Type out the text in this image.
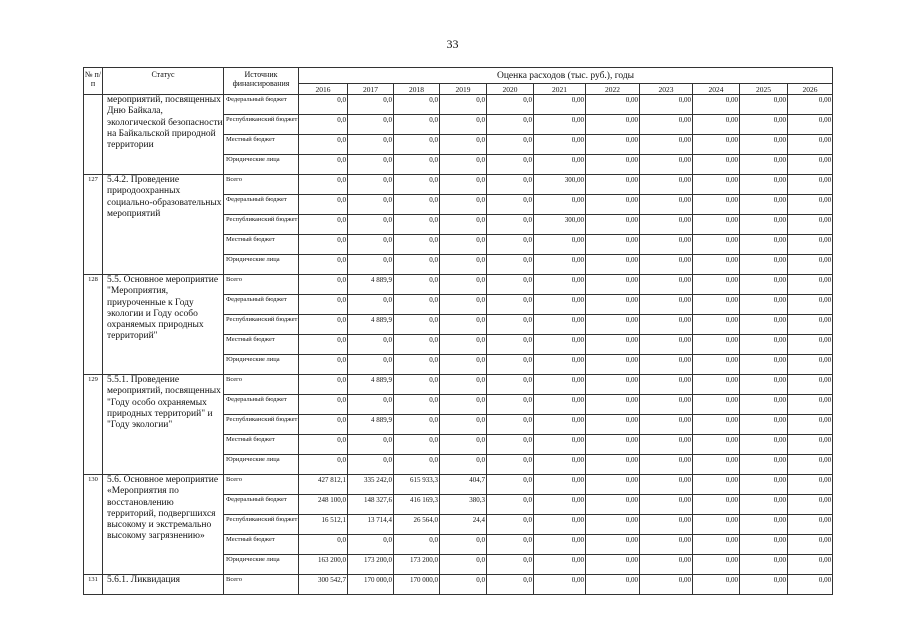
33
№ п/п	Статус	Источник финансирования	Оценка расходов (тыс. руб.), годы										
			2016	2017	2018	2019	2020	2021	2022	2023	2024	2025	2026
	мероприятий, посвященных Дню Байкала, экологической безопасности на Байкальской природной территории	Федеральный бюджет	0,0	0,0	0,0	0,0	0,0	0,00	0,00	0,00	0,00	0,00	0,00
		Республиканский бюджет	0,0	0,0	0,0	0,0	0,0	0,00	0,00	0,00	0,00	0,00	0,00
		Местный бюджет	0,0	0,0	0,0	0,0	0,0	0,00	0,00	0,00	0,00	0,00	0,00
		Юридические лица	0,0	0,0	0,0	0,0	0,0	0,00	0,00	0,00	0,00	0,00	0,00
127	5.4.2. Проведение природоохранных социально-образовательных мероприятий	Всего	0,0	0,0	0,0	0,0	0,0	300,00	0,00	0,00	0,00	0,00	0,00
		Федеральный бюджет	0,0	0,0	0,0	0,0	0,0	0,00	0,00	0,00	0,00	0,00	0,00
		Республиканский бюджет	0,0	0,0	0,0	0,0	0,0	300,00	0,00	0,00	0,00	0,00	0,00
		Местный бюджет	0,0	0,0	0,0	0,0	0,0	0,00	0,00	0,00	0,00	0,00	0,00
		Юридические лица	0,0	0,0	0,0	0,0	0,0	0,00	0,00	0,00	0,00	0,00	0,00
128	5.5. Основное мероприятие "Мероприятия, приуроченные к Году экологии и Году особо охраняемых природных территорий"	Всего	0,0	4 889,9	0,0	0,0	0,0	0,00	0,00	0,00	0,00	0,00	0,00
		Федеральный бюджет	0,0	0,0	0,0	0,0	0,0	0,00	0,00	0,00	0,00	0,00	0,00
		Республиканский бюджет	0,0	4 889,9	0,0	0,0	0,0	0,00	0,00	0,00	0,00	0,00	0,00
		Местный бюджет	0,0	0,0	0,0	0,0	0,0	0,00	0,00	0,00	0,00	0,00	0,00
		Юридические лица	0,0	0,0	0,0	0,0	0,0	0,00	0,00	0,00	0,00	0,00	0,00
129	5.5.1. Проведение мероприятий, посвященных "Году особо охраняемых природных территорий" и "Году экологии"	Всего	0,0	4 889,9	0,0	0,0	0,0	0,00	0,00	0,00	0,00	0,00	0,00
		Федеральный бюджет	0,0	0,0	0,0	0,0	0,0	0,00	0,00	0,00	0,00	0,00	0,00
		Республиканский бюджет	0,0	4 889,9	0,0	0,0	0,0	0,00	0,00	0,00	0,00	0,00	0,00
		Местный бюджет	0,0	0,0	0,0	0,0	0,0	0,00	0,00	0,00	0,00	0,00	0,00
		Юридические лица	0,0	0,0	0,0	0,0	0,0	0,00	0,00	0,00	0,00	0,00	0,00
130	5.6. Основное мероприятие «Мероприятия по восстановлению территорий, подвергшихся высокому и экстремально высокому загрязнению»	Всего	427 812,1	335 242,0	615 933,3	404,7	0,0	0,00	0,00	0,00	0,00	0,00	0,00
		Федеральный бюджет	248 100,0	148 327,6	416 169,3	380,3	0,0	0,00	0,00	0,00	0,00	0,00	0,00
		Республиканский бюджет	16 512,1	13 714,4	26 564,0	24,4	0,0	0,00	0,00	0,00	0,00	0,00	0,00
		Местный бюджет	0,0	0,0	0,0	0,0	0,0	0,00	0,00	0,00	0,00	0,00	0,00
		Юридические лица	163 200,0	173 200,0	173 200,0	0,0	0,0	0,00	0,00	0,00	0,00	0,00	0,00
131	5.6.1. Ликвидация	Всего	300 542,7	170 000,0	170 000,0	0,0	0,0	0,00	0,00	0,00	0,00	0,00	0,00
